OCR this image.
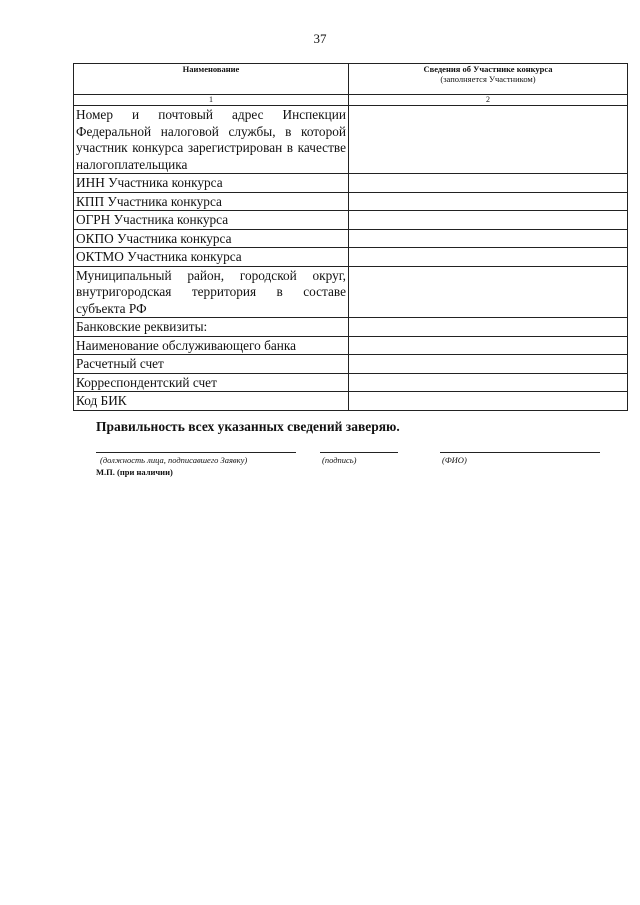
37
Наименование	Сведения об Участнике конкурса
(заполняется Участником)

1	2
Номер и почтовый адрес Инспекции Федеральной налоговой службы, в которой участник конкурса зарегистрирован в качестве налогоплательщика	
ИНН Участника конкурса	
КПП Участника конкурса	
ОГРН Участника конкурса	
ОКПО Участника конкурса	
ОКТМО Участника конкурса	
Муниципальный район, городской округ, внутригородская территория в составе субъекта РФ	
Банковские реквизиты:	
Наименование обслуживающего банка	
Расчетный счет	
Корреспондентский счет	
Код БИК	
Правильность всех указанных сведений заверяю.
(должность лица, подписавшего Заявку)	(подпись)	(ФИО)
М.П. (при наличии)
